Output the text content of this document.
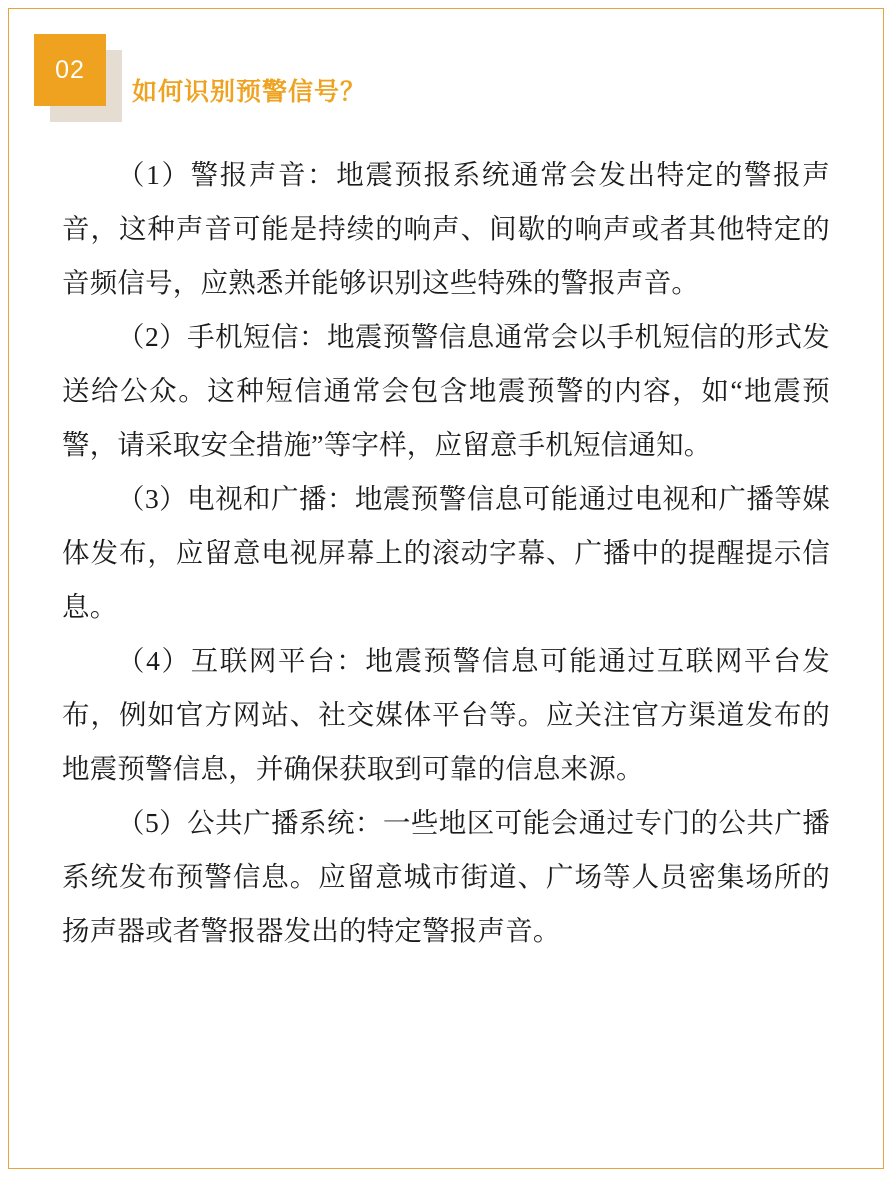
02
如何识别预警信号？

（1）警报声音：地震预报系统通常会发出特定的警报声音，这种声音可能是持续的响声、间歇的响声或者其他特定的音频信号，应熟悉并能够识别这些特殊的警报声音。

（2）手机短信：地震预警信息通常会以手机短信的形式发送给公众。这种短信通常会包含地震预警的内容，如“地震预警，请采取安全措施”等字样，应留意手机短信通知。

（3）电视和广播：地震预警信息可能通过电视和广播等媒体发布，应留意电视屏幕上的滚动字幕、广播中的提醒提示信息。

（4）互联网平台：地震预警信息可能通过互联网平台发布，例如官方网站、社交媒体平台等。应关注官方渠道发布的地震预警信息，并确保获取到可靠的信息来源。

（5）公共广播系统：一些地区可能会通过专门的公共广播系统发布预警信息。应留意城市街道、广场等人员密集场所的扬声器或者警报器发出的特定警报声音。
